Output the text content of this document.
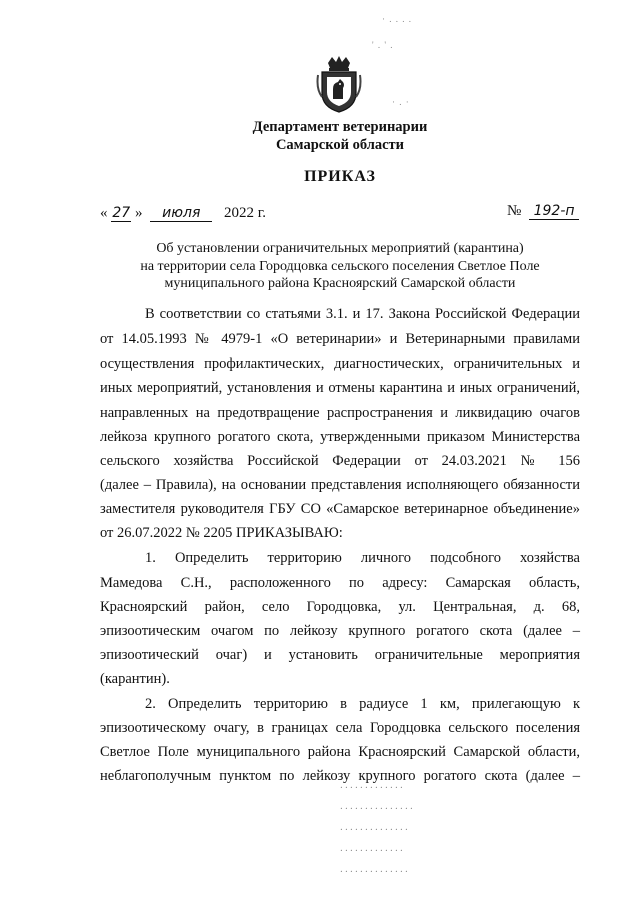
· . . . .
' . ' .
· . ·
Департамент ветеринарии
Самарской области
ПРИКАЗ
« 27 » июля 2022 г.	№ 192-п
Об установлении ограничительных мероприятий (карантина)
на территории села Городцовка сельского поселения Светлое Поле
муниципального района Красноярский Самарской области
В соответствии со статьями 3.1. и 17. Закона Российской Федерации
от 14.05.1993 № 4979-1 «О ветеринарии» и Ветеринарными правилами
осуществления профилактических, диагностических, ограничительных и
иных мероприятий, установления и отмены карантина и иных ограничений,
направленных на предотвращение распространения и ликвидацию очагов
лейкоза крупного рогатого скота, утвержденными приказом Министерства
сельского хозяйства Российской Федерации от 24.03.2021 № 156
(далее – Правила), на основании представления исполняющего обязанности
заместителя руководителя ГБУ СО «Самарское ветеринарное объединение»
от 26.07.2022 № 2205 ПРИКАЗЫВАЮ:
1. Определить территорию личного подсобного хозяйства
Мамедова С.Н., расположенного по адресу: Самарская область,
Красноярский район, село Городцовка, ул. Центральная, д. 68,
эпизоотическим очагом по лейкозу крупного рогатого скота (далее –
эпизоотический очаг) и установить ограничительные мероприятия
(карантин).
2. Определить территорию в радиусе 1 км, прилегающую к
эпизоотическому очагу, в границах села Городцовка сельского поселения
Светлое Поле муниципального района Красноярский Самарской области,
неблагополучным пунктом по лейкозу крупного рогатого скота (далее –
· · · · · · · · · · · · ·
· · · · · · · · · · · · · · ·
· · · · · · · · · · · · · ·
· · · · · · · · · · · · ·
· · · · · · · · · · · · · ·
